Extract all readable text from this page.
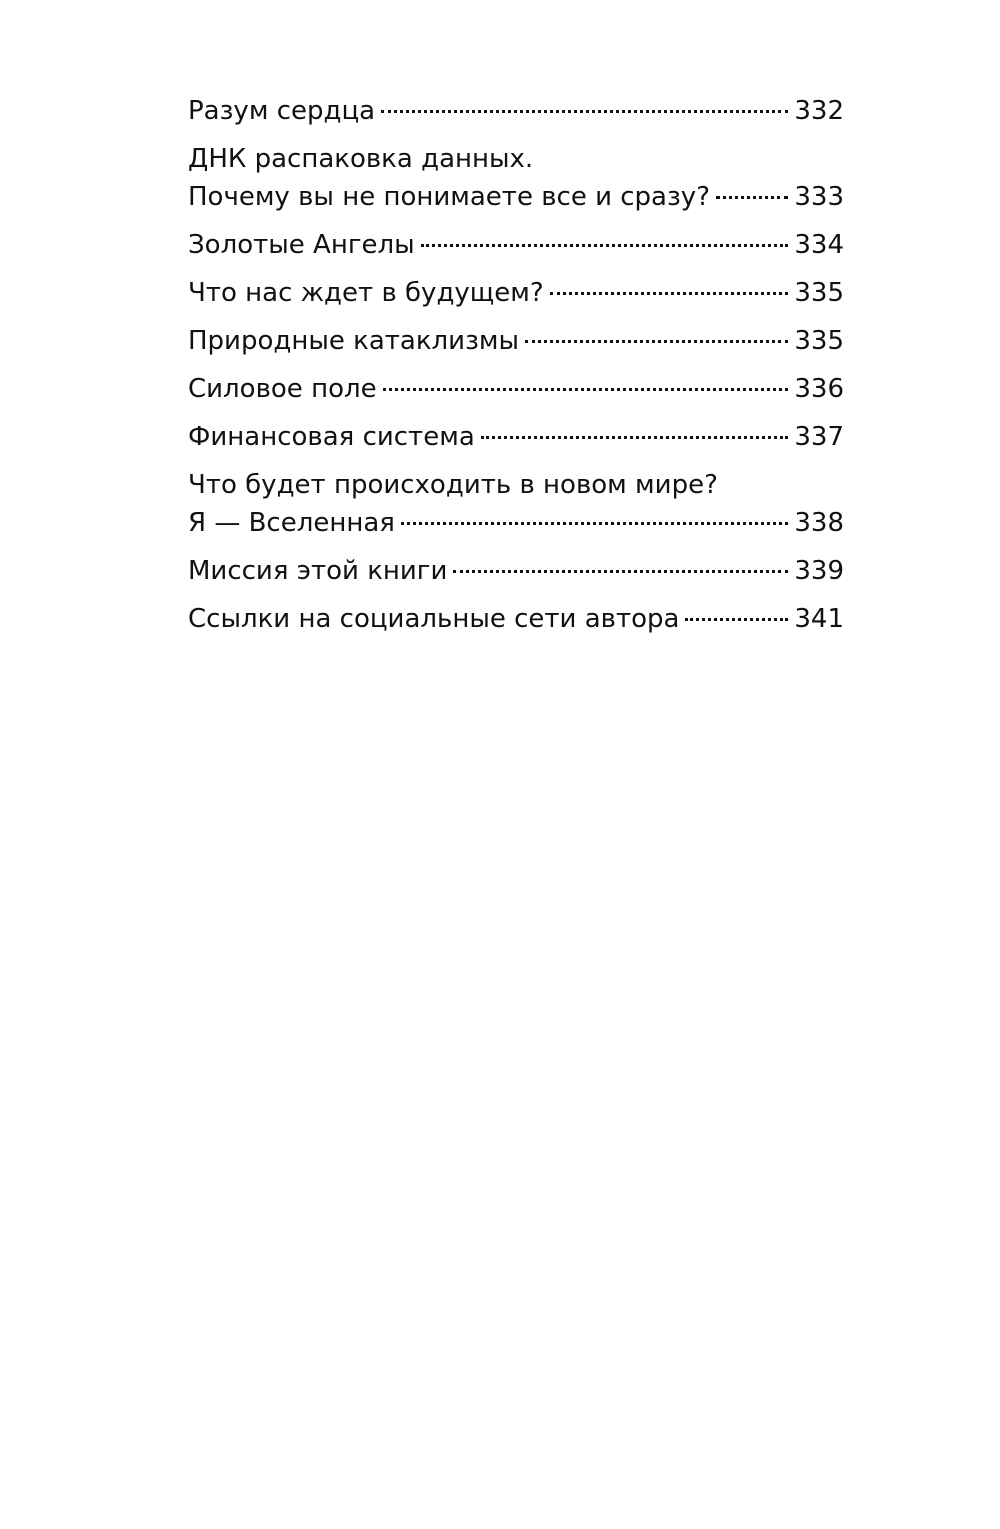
Разум сердца	332
ДНК распаковка данных.
Почему вы не понимаете все и сразу?	333
Золотые Ангелы	334
Что нас ждет в будущем?	335
Природные катаклизмы	335
Силовое поле	336
Финансовая система	337
Что будет происходить в новом мире?
Я — Вселенная	338
Миссия этой книги	339
Ссылки на социальные сети автора	341
